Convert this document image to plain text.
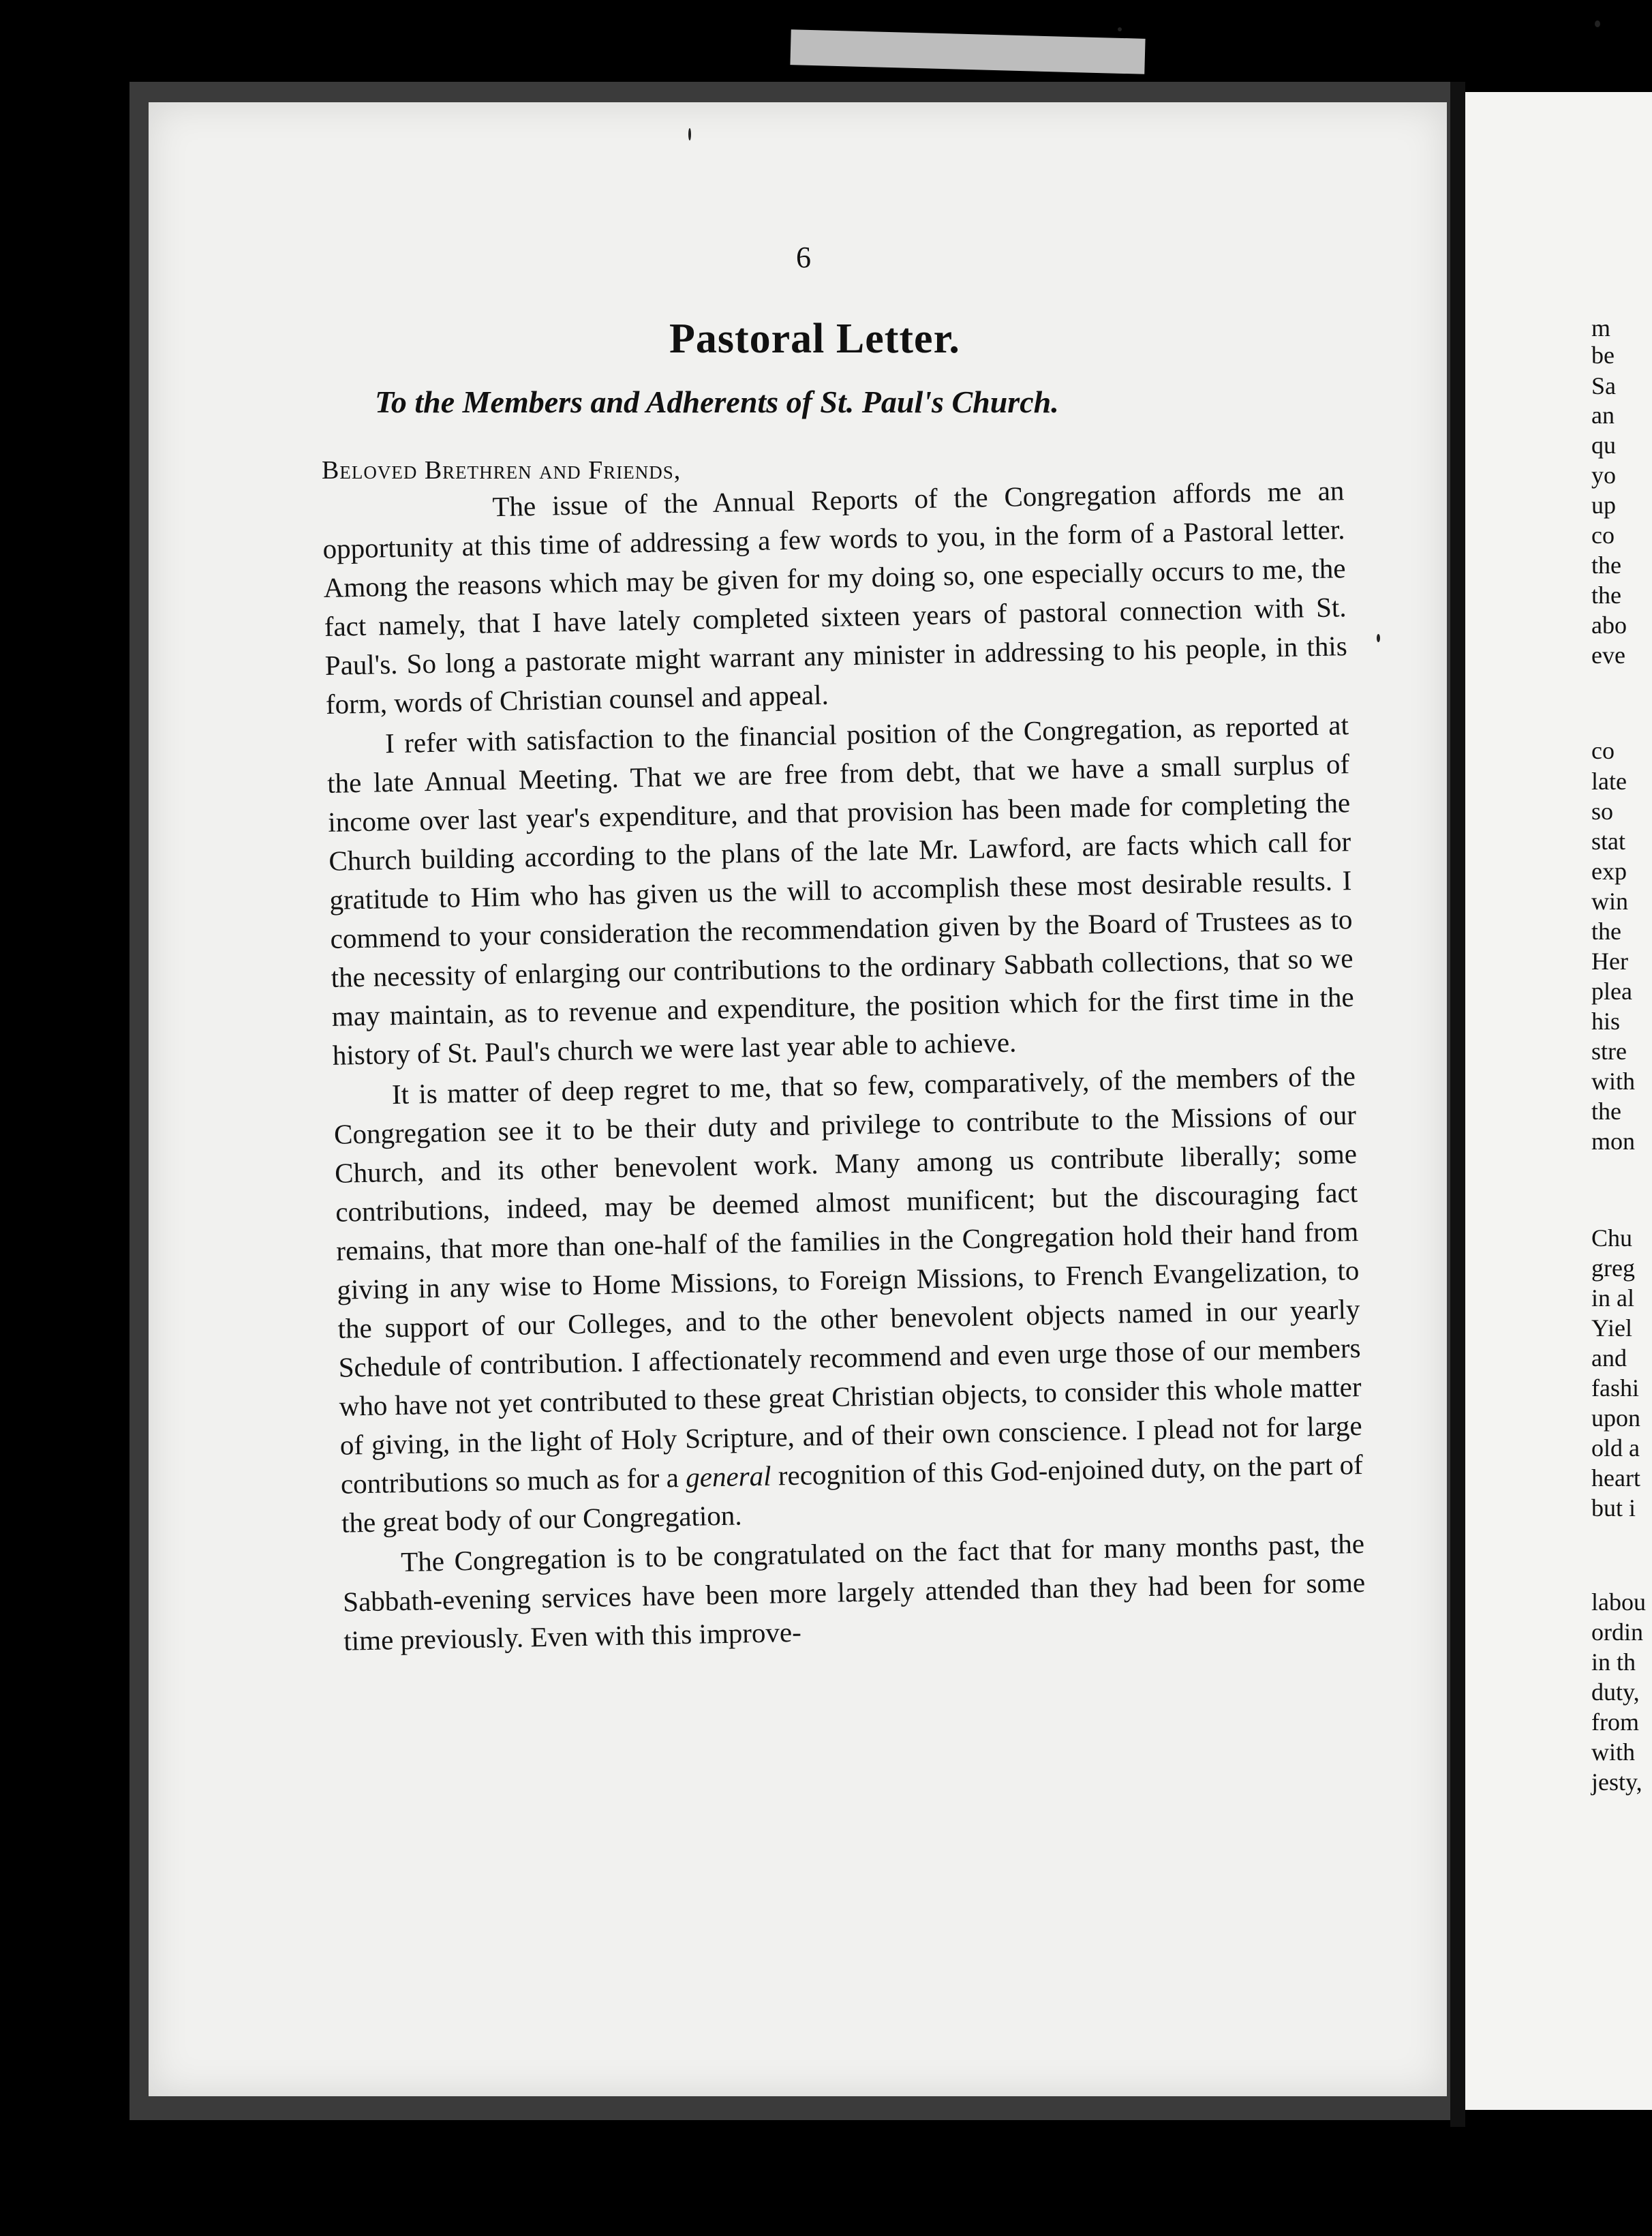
m
be
Sa
an
qu
yo
up
co
the
the
abo
eve
co
late
so
stat
exp
win
the
Her
plea
his
stre
with
the
mon
Chu
greg
in al
Yiel
and
fashi
upon
old a
heart
but i
labou
ordin
in th
duty,
from
with
jesty,
6
Pastoral Letter.
To the Members and Adherents of St. Paul's Church.
Beloved Brethren and Friends,

The issue of the Annual Reports of the Congregation affords me an opportunity at this time of addressing a few words to you, in the form of a Pastoral letter. Among the reasons which may be given for my doing so, one especially occurs to me, the fact namely, that I have lately completed sixteen years of pastoral connection with St. Paul's. So long a pastorate might warrant any minister in addressing to his people, in this form, words of Christian counsel and appeal.

I refer with satisfaction to the financial position of the Congregation, as reported at the late Annual Meeting. That we are free from debt, that we have a small surplus of income over last year's expenditure, and that provision has been made for completing the Church building according to the plans of the late Mr. Lawford, are facts which call for gratitude to Him who has given us the will to accomplish these most desirable results. I commend to your consideration the recommendation given by the Board of Trustees as to the necessity of enlarging our contributions to the ordinary Sabbath collections, that so we may maintain, as to revenue and expenditure, the position which for the first time in the history of St. Paul's church we were last year able to achieve.

It is matter of deep regret to me, that so few, comparatively, of the members of the Congregation see it to be their duty and privilege to contribute to the Missions of our Church, and its other benevolent work. Many among us contribute liberally; some contributions, indeed, may be deemed almost munificent; but the discouraging fact remains, that more than one-half of the families in the Congregation hold their hand from giving in any wise to Home Missions, to Foreign Missions, to French Evangelization, to the support of our Colleges, and to the other benevolent objects named in our yearly Schedule of contribution. I affectionately recommend and even urge those of our members who have not yet contributed to these great Christian objects, to consider this whole matter of giving, in the light of Holy Scripture, and of their own conscience. I plead not for large contributions so much as for a general recognition of this God-enjoined duty, on the part of the great body of our Congregation.

The Congregation is to be congratulated on the fact that for many months past, the Sabbath-evening services have been more largely attended than they had been for some time previously. Even with this improve-
